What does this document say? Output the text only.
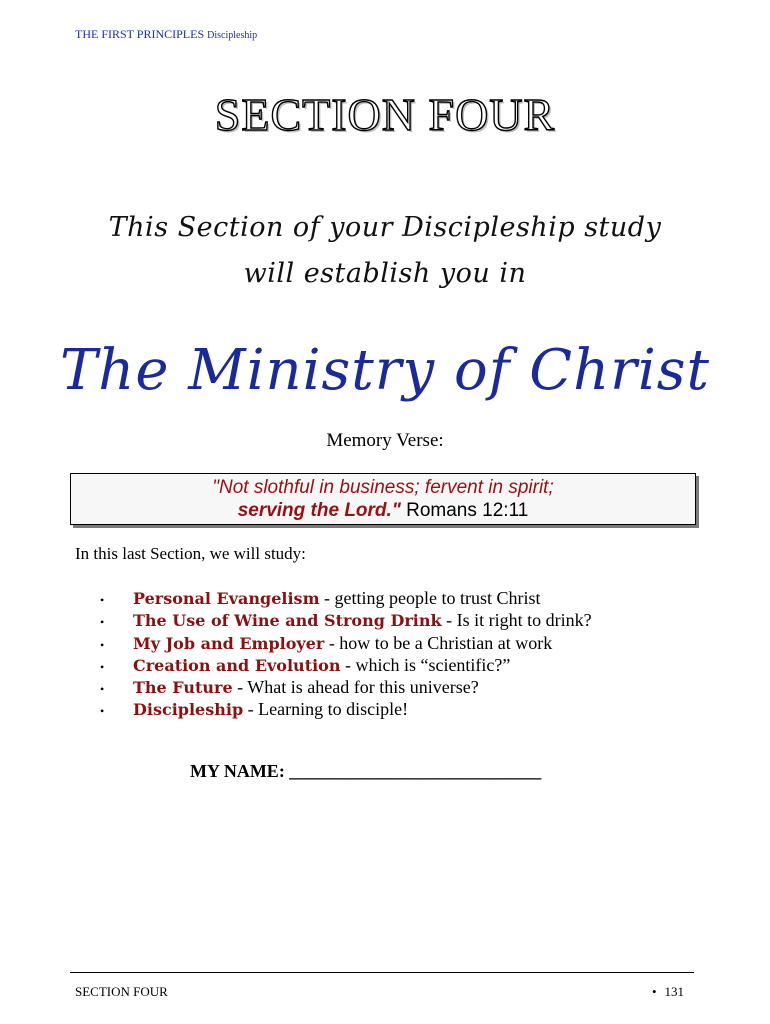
THE FIRST PRINCIPLES Discipleship
SECTION FOUR
This Section of your Discipleship study
will establish you in
The Ministry of Christ
Memory Verse:
"Not slothful in business; fervent in spirit;
serving the Lord." Romans 12:11
In this last Section, we will study:
• Personal Evangelism - getting people to trust Christ
• The Use of Wine and Strong Drink - Is it right to drink?
• My Job and Employer - how to be a Christian at work
• Creation and Evolution - which is “scientific?”
• The Future - What is ahead for this universe?
• Discipleship - Learning to disciple!
MY NAME: ____________________________
SECTION FOUR	• 131
